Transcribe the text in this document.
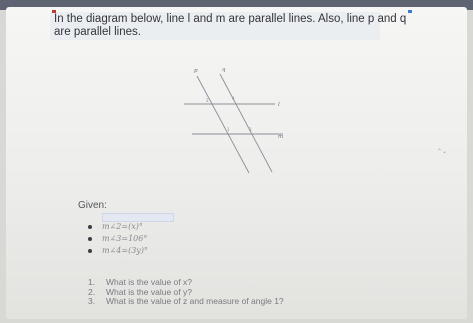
In the diagram below, line l and m are parallel lines. Also, line p and q are parallel lines.
p	q
l
m
2	4
1	3
Given:
m∠2=(x)°
m∠3=106°
m∠4=(3y)°
1.	What is the value of x?
2.	What is the value of y?
3.	What is the value of z and measure of angle 1?
⌃⌄
